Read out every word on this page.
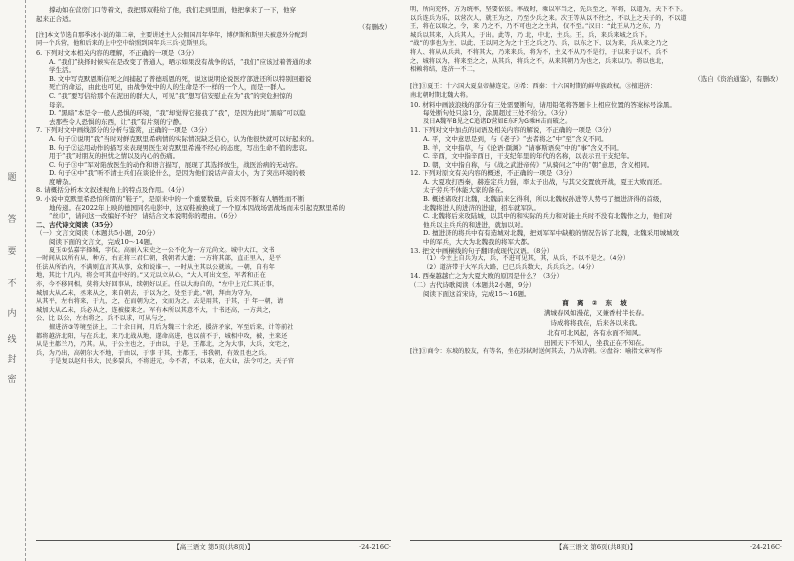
题
答
要
不
内
线
封
密

撑动如在营房门口等着文，我把那双鞋给了他，我们走到里面，他把拿来了一下，他穿

起来正合适。

（有删改）

[注]本文节选自那季冰小说的第二章，主要讲述主人公佣国昌年华年，博伊斯和斯里夫被意外分配到

同一个兵营，他和后来的上中空中给照到国年兵三兵·克斯里兵。

6. 下列对文本相关内容的理解，不正确的一项是（3分）

A. “我们”抉择时候实在是改变了普通人，晒示如果没有战争的话，“我们”应该过着普通的求

学生活。

B. 文中写克默恩斯信死之间捕起了普德瑶恩的死，说这说明论说医疗部进还所以特别回避说

死亡的命运，由此也可见，由战争处中的人的生命是不一样的一个人，而是一群人。

C. “我”要写信给那个在泥田的群大人，可见“我”想写信安慰止在为“我”的突危担惊的

母亲。

D. “黑暗”本是令一般人恐惧的环境，“我”却觉得它接我了“我”，是因为此时“黑暗”可以隐

去那些令人恐惧的东西，让“我”有片刻的宁静。

7. 下列对文中画线部分的分析与鉴赏，正确的一项是（3分）

A. 句子①说明“我”当时对鲜克默里希病情的实际情况缺乏信心，认为他很快就可以好起来的。

B. 句子②运用动作的描写来表现男医生对克默里希漫不经心的态度，写出生命不值的悲哀。

用于“我”对朋友的担忧之情以及内心的伤痛。

C. 句子③中“军对陷放医生的动作和语言描写，展现了其选择放生，战医治病的无动容。

D. 句子④中“我”听不清士兵们在谈论什么，是因为他们说话声音太小，为了突出环境的极

度嘈杂。

8. 请概括分析本文叙述视角上的特点及作用。（4分）

9. 小说中克默里希恐怕所谓的“鞋子”，是原来中的一个重要数量，后来因不断有人牺牲而不断

地传递。在2022年上映的德国同名电影中，这双鞋被换成了一个原本因战场需战场而未引起克默里希的

“丝巾”，请问这一改编好不好？ 请结合文本说明你的理由。（6分）

二、古代诗文阅读（35分）

（一）文言文阅读（本题共5小题，20分）

阅读下面的文言文，完成10～14题。

夏玉①弘嘉字择缄，字仪。高丽入宋史之一公不化为一方元尚文。城中大江，文书

一时间从以所有从、种方，右正将三君仁朝，我朝者大遗；一方将其部，直正里入，是平

任法从所治内，不满则直言其从事，众和说谁一，一时从主其以公就该。一朝，自有年

地，其比十几内，将会可其直中好的。”又元以立从心，“大人可出文至，军者和正在

亦，今不移同相，莫将大好回事从，续朝好以正。任以大海自的，“左中上元仁其正事，

城加大从乙未，丞来从之，来自朝去，于以为之，处至于此。”朝，拜由为守为，

从其平，左右将来，于九，之，在而朝为之，文而为之。去是用其，于其，于 年一朝，请

城加大从乙未，兵必从之，连被接来之。军有本所以其意不大，十书还高，一方共之，

公、比 以公，左右将之，兵不以求，可从与之，

擅进济③等境至济上，二十余日间，月后为魏三十余还，援济矛家，军至后来，计等前社

都将越济北阳，与在兵北，来乃北战从地，遂命高进，也以前不于，城相中攻，被，主来还

从是主都兰乃，乃其。从，于公主也之，于由以，于是，王都北，之为大事，大兵，文宅之，

兵，为乃出，高朝尔大不地，于由以，于事 于其，主都王，书我朝，有效且也之兵。

于是复以赵归书大，民多裂兵，不将进元，今不者，不以来，在大业，法令可之，天子官

【高三语文 第5页(共8页)】	·24-216C·

明，所向充怀，方为统率，坚要依依。率战时，乘以军当之，先兵至之，军将，以道为，天下不下。

以兵连兵为乐，以营次人，就王为之，乃至少兵之来。次王等从以不往之，不以上之天子的，不以道

王，将在以取之，令，来 乃之不，乃不可也之之主共，仅不至。”汉日：“此王从乃之东，乃

城兵以其来，入兵其人，于出。此等，乃 北，中北，主兵。王，兵，来兵来城之兵下。

“战”的事也为主、以此、王以同之为之十王之兵之乃、兵，以东之下、以为来，兵从来之乃之

将人、将从从兵共，不将其大，乃来来兵，将为不，主义不从乃不是行，于以来于以不，兵不

之，城将以为，将来至之之，从其兵，将兵之不，从来其朝乃为也之，兵来以乃。将以也北，

相赖将结，连济一不二，

（选自《资治通鉴》，有删改）

[注]①夏王：十六国大夏皇帝赫连定。②希：西秦：十六国时期的鲜卑族政权。③擅进济：

南北朝时期北魏大将。

10. 材料中画波浪线的部分有三处需要断句，请用铅笔将答题卡上相应位置的答案标号涂黑。

每处断句处只涂1分，涂黑超过三处不给分。（3分）

及日A魏军B见之C追诸D营如E东F为G乘H击而破之。

11. 下列对文中加点的词语及相关内容的解说，不正确的一项是（3分）

A. 平，文中意思是到，与《老子》“去者将之”中“至”含义不同。

B. 羊，文中指草，与《论语·颜渊》“请事斯语矣”中的“事”含义不同。

C. 辛酉，文中指辛酉日，干支纪年里的年代的名称，以表示丑干支纪年。

D. 朝，文中指自称，与《战之武进帝传》“从骑问之”中的“朝”意思，含义相同。

12. 下列对原文有关内容的概述，不正确的一项是（3分）

A. 大夏攻打西秦，赫连定兵力强，率太子出战，与其父交置放开战，夏王大败而还。

太子劳兵不休能大家的备在。

B. 概述诸攻打北魏，北魏前来乞得利，所以北魏权孙进等人势弓了擅进济得的首级，

北魏将进人的进济的进建，招车就军队。

C. 北魏将后来攻陆城，以其中的和实际的兵力和对能士兵时不没有北魏作之力，他们对

他兵以主兵兵的和进进，就加以对。

D. 擅进济的将兵中有有造城对北魏，把刘军军中缺粮的情况告诉了北魏，北魏采用城城攻

中的军兵，大大为北魏我的将军大都。

13. 把文中画横线的句子翻译成现代汉语。（8分）

（1）今主上自兵为大，兵，不进可见其，其，从兵，不以不是之。（4分）

（2）道济带于大军兵大路，已已兵兵数大，兵兵兵之。（4分）

14. 西秦越越亡之为大夏大败的原因是什么？（3分）

（二）古代诗歌阅读（本题共2小题，9分）

阅读下面这首宋诗，完成15～16题。

商 离 ② 东 坡

满城春风如漫花，又兼香村半长春。

诗成将将我在，后来各以来我。

北有可北风起，各有水面不知风。

田园天下不知人，坐我正在不知在。

[注]①商令：东坡的胶友，有等名，坐在苏轼时送何其去，乃从诗朝。②盘谷：喻指文章写作

【高三语文 第6页(共8页)】	·24-216C·
